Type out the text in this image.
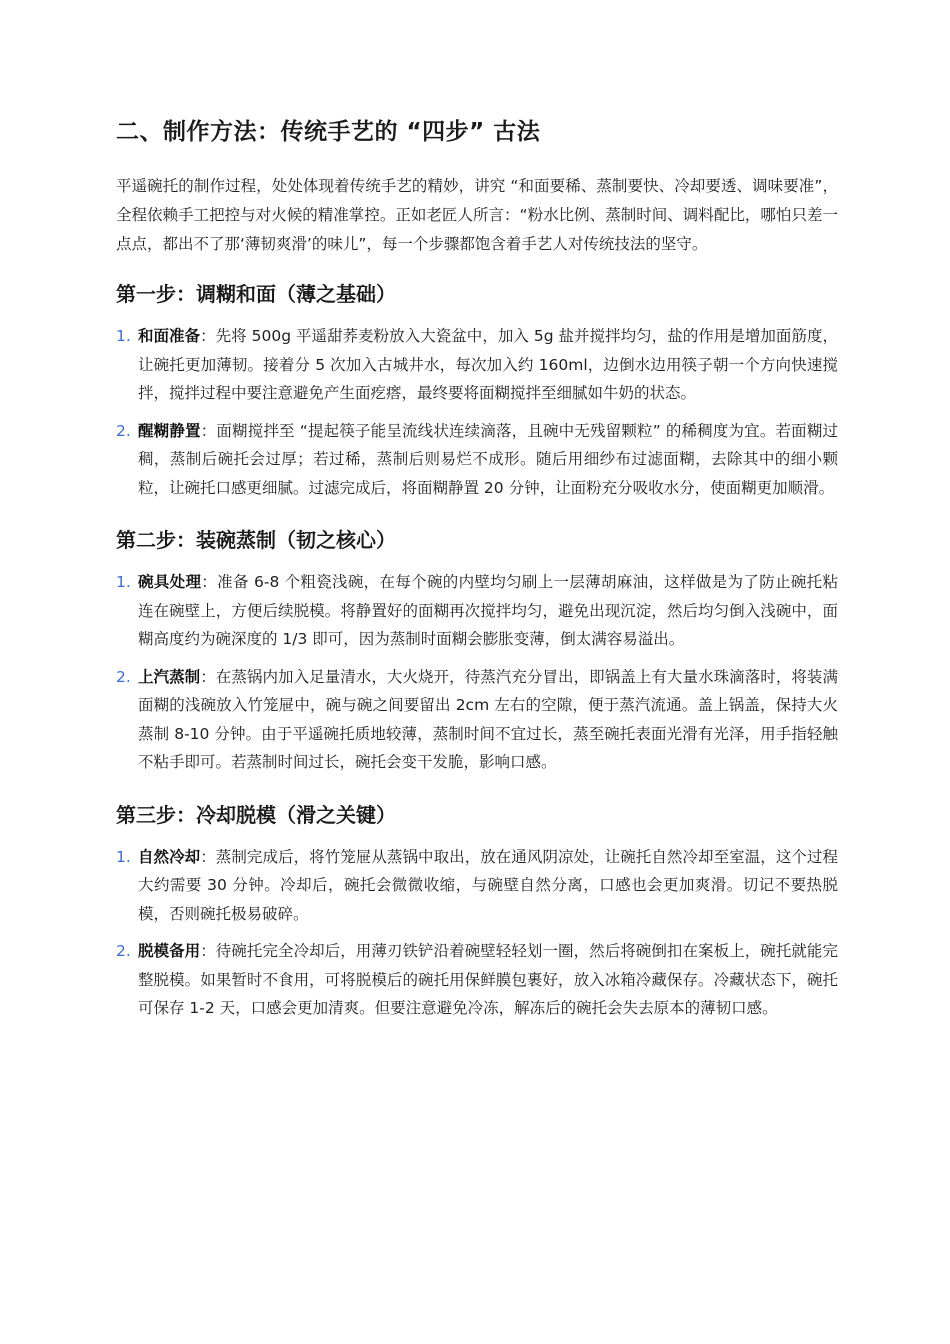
二、制作方法：传统手艺的 “四步” 古法

平遥碗托的制作过程，处处体现着传统手艺的精妙，讲究 “和面要稀、蒸制要快、冷却要透、调味要准”，全程依赖手工把控与对火候的精准掌控。正如老匠人所言：“粉水比例、蒸制时间、调料配比，哪怕只差一点点，都出不了那‘薄韧爽滑’的味儿”，每一个步骤都饱含着手艺人对传统技法的坚守。

第一步：调糊和面（薄之基础）
1. 和面准备：先将 500g 平遥甜荞麦粉放入大瓷盆中，加入 5g 盐并搅拌均匀，盐的作用是增加面筋度，让碗托更加薄韧。接着分 5 次加入古城井水，每次加入约 160ml，边倒水边用筷子朝一个方向快速搅拌，搅拌过程中要注意避免产生面疙瘩，最终要将面糊搅拌至细腻如牛奶的状态。
2. 醒糊静置：面糊搅拌至 “提起筷子能呈流线状连续滴落，且碗中无残留颗粒” 的稀稠度为宜。若面糊过稠，蒸制后碗托会过厚；若过稀，蒸制后则易烂不成形。随后用细纱布过滤面糊，去除其中的细小颗粒，让碗托口感更细腻。过滤完成后，将面糊静置 20 分钟，让面粉充分吸收水分，使面糊更加顺滑。
第二步：装碗蒸制（韧之核心）
1. 碗具处理：准备 6-8 个粗瓷浅碗，在每个碗的内壁均匀刷上一层薄胡麻油，这样做是为了防止碗托粘连在碗壁上，方便后续脱模。将静置好的面糊再次搅拌均匀，避免出现沉淀，然后均匀倒入浅碗中，面糊高度约为碗深度的 1/3 即可，因为蒸制时面糊会膨胀变薄，倒太满容易溢出。
2. 上汽蒸制：在蒸锅内加入足量清水，大火烧开，待蒸汽充分冒出，即锅盖上有大量水珠滴落时，将装满面糊的浅碗放入竹笼屉中，碗与碗之间要留出 2cm 左右的空隙，便于蒸汽流通。盖上锅盖，保持大火蒸制 8-10 分钟。由于平遥碗托质地较薄，蒸制时间不宜过长，蒸至碗托表面光滑有光泽，用手指轻触不粘手即可。若蒸制时间过长，碗托会变干发脆，影响口感。
第三步：冷却脱模（滑之关键）
1. 自然冷却：蒸制完成后，将竹笼屉从蒸锅中取出，放在通风阴凉处，让碗托自然冷却至室温，这个过程大约需要 30 分钟。冷却后，碗托会微微收缩，与碗壁自然分离，口感也会更加爽滑。切记不要热脱模，否则碗托极易破碎。
2. 脱模备用：待碗托完全冷却后，用薄刃铁铲沿着碗壁轻轻划一圈，然后将碗倒扣在案板上，碗托就能完整脱模。如果暂时不食用，可将脱模后的碗托用保鲜膜包裹好，放入冰箱冷藏保存。冷藏状态下，碗托可保存 1-2 天，口感会更加清爽。但要注意避免冷冻，解冻后的碗托会失去原本的薄韧口感。
